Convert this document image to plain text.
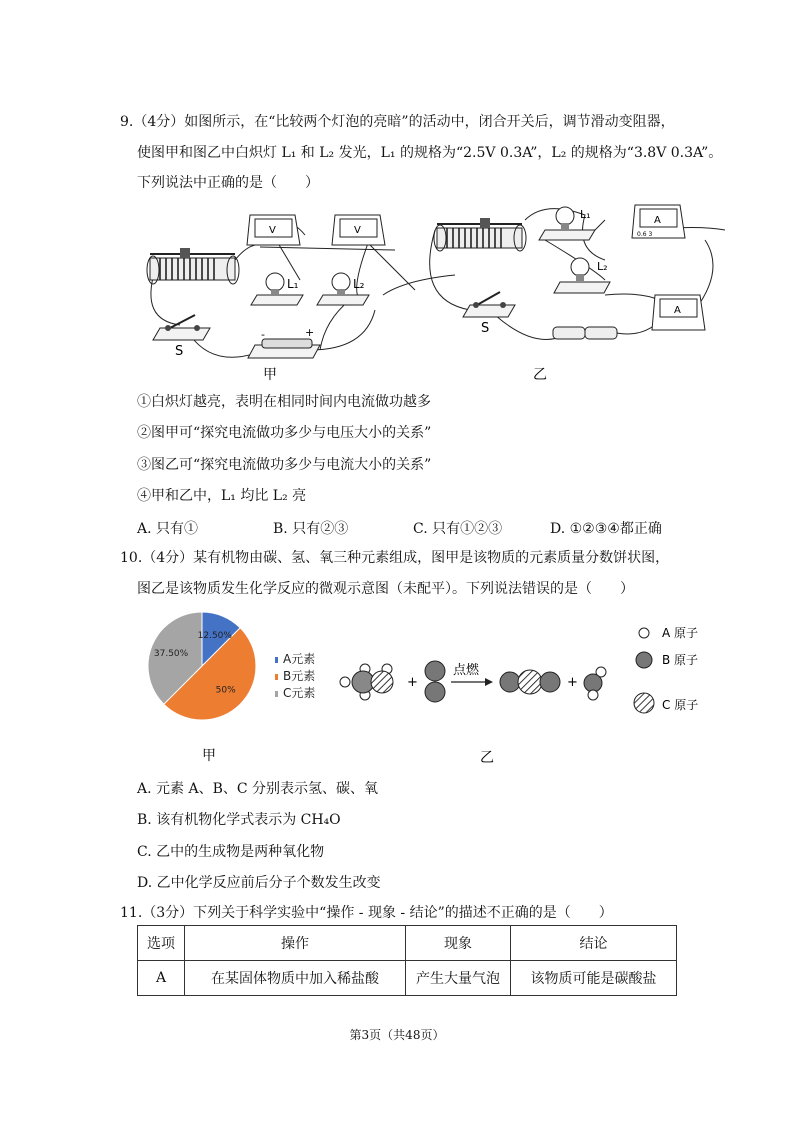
9.（4分）如图所示，在“比较两个灯泡的亮暗”的活动中，闭合开关后，调节滑动变阻器，
使图甲和图乙中白炽灯 L₁ 和 L₂ 发光，L₁ 的规格为“2.5V 0.3A”，L₂ 的规格为“3.8V 0.3A”。
下列说法中正确的是（　　）
S
-	+
V	V
L₁	L₂
甲
S
L₁
L₂
A
0.6 3
A
乙
①白炽灯越亮，表明在相同时间内电流做功越多
②图甲可“探究电流做功多少与电压大小的关系”
③图乙可“探究电流做功多少与电流大小的关系”
④甲和乙中，L₁ 均比 L₂ 亮
A. 只有①	B. 只有②③	C. 只有①②③	D. ①②③④都正确
10.（4分）某有机物由碳、氢、氧三种元素组成，图甲是该物质的元素质量分数饼状图，
图乙是该物质发生化学反应的微观示意图（未配平）。下列说法错误的是（　　）
12.50%
50%
37.50%	A元素
B元素
C元素
甲
+
点燃
+
A 原子
B 原子
C 原子
乙
A. 元素 A、B、C 分别表示氢、碳、氧
B. 该有机物化学式表示为 CH₄O
C. 乙中的生成物是两种氧化物
D. 乙中化学反应前后分子个数发生改变
11.（3分）下列关于科学实验中“操作 - 现象 - 结论”的描述不正确的是（　　）
选项	操作	现象	结论
A	在某固体物质中加入稀盐酸	产生大量气泡	该物质可能是碳酸盐
第3页（共48页）
